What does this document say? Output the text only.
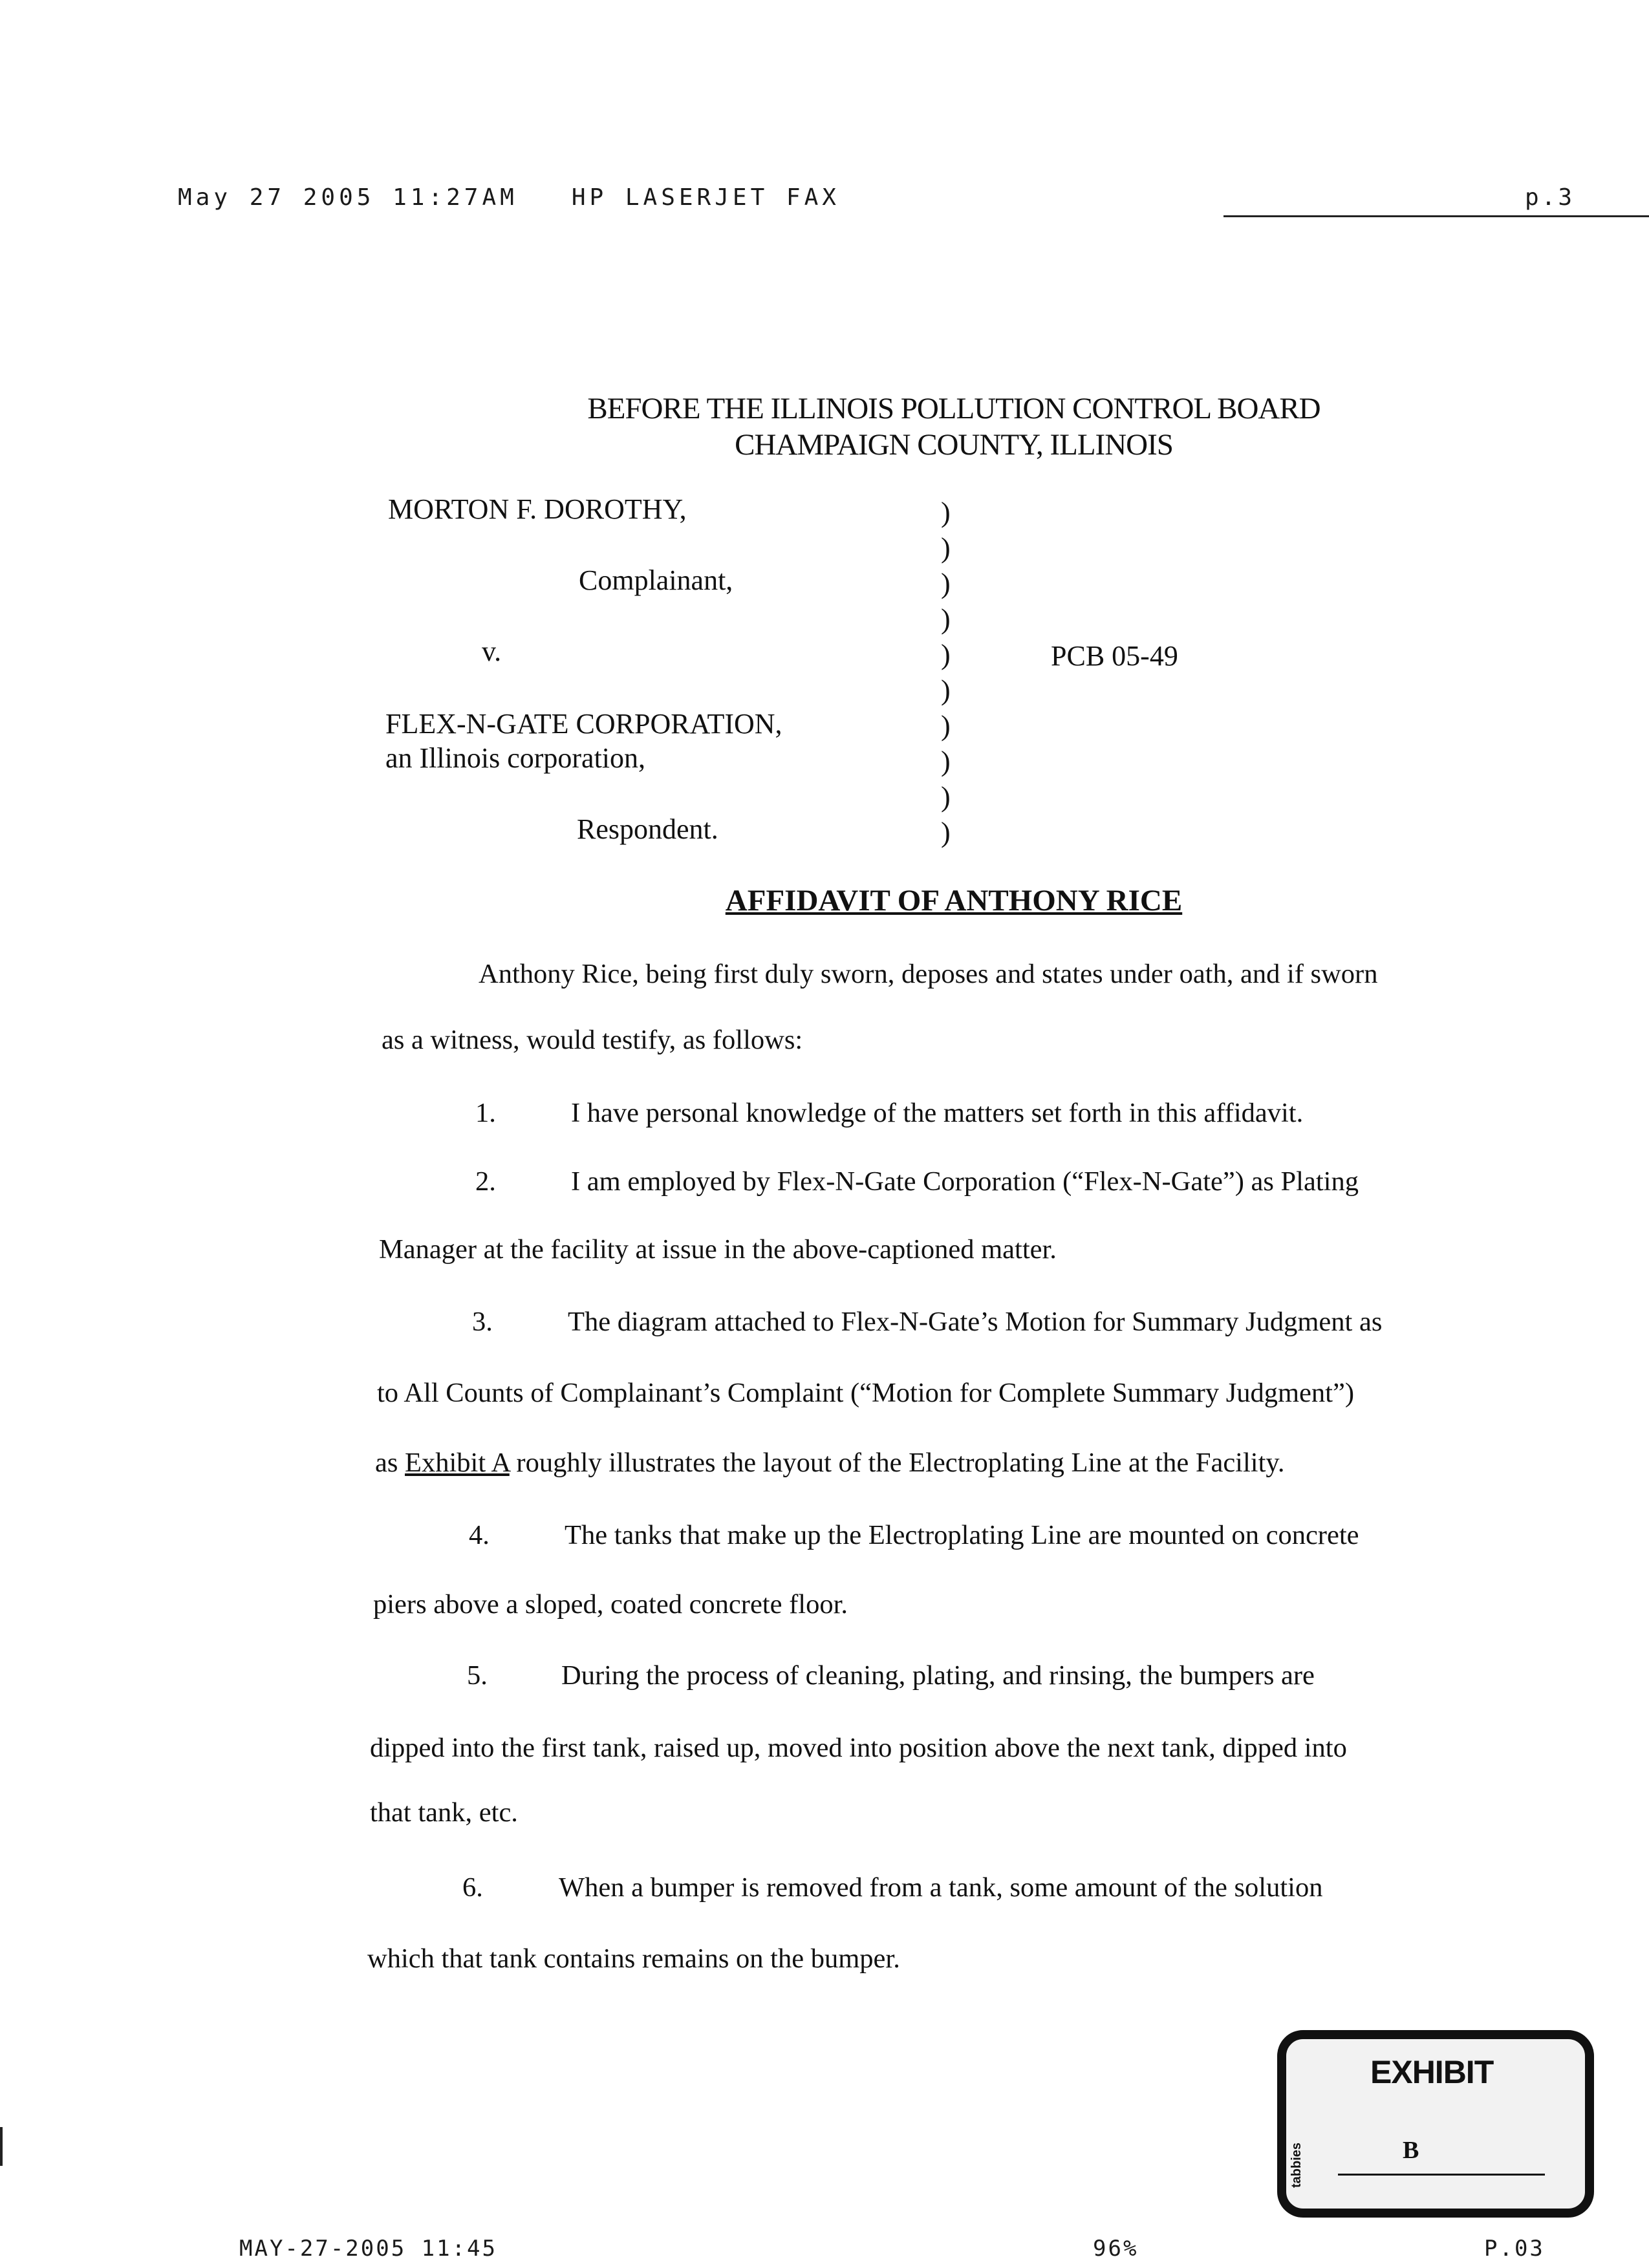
May 27 2005 11:27AM   HP LASERJET FAX	p.3
BEFORE THE ILLINOIS POLLUTION CONTROL BOARD
CHAMPAIGN COUNTY, ILLINOIS
MORTON F. DOROTHY,
Complainant,
v.
FLEX-N-GATE CORPORATION,
an Illinois corporation,
Respondent.
PCB 05-49
)
)
)
)
)
)
)
)
)
)
AFFIDAVIT OF ANTHONY RICE
Anthony Rice, being first duly sworn, deposes and states under oath, and if sworn
as a witness, would testify, as follows:
1.	I have personal knowledge of the matters set forth in this affidavit.
2.	I am employed by Flex-N-Gate Corporation (“Flex-N-Gate”) as Plating
Manager at the facility at issue in the above-captioned matter.
3.	The diagram attached to Flex-N-Gate’s Motion for Summary Judgment as
to All Counts of Complainant’s Complaint (“Motion for Complete Summary Judgment”)
as Exhibit A roughly illustrates the layout of the Electroplating Line at the Facility.
4.	The tanks that make up the Electroplating Line are mounted on concrete
piers above a sloped, coated concrete floor.
5.	During the process of cleaning, plating, and rinsing, the bumpers are
dipped into the first tank, raised up, moved into position above the next tank, dipped into
that tank, etc.
6.	When a bumper is removed from a tank, some amount of the solution
which that tank contains remains on the bumper.
tabbies
EXHIBIT
B
MAY-27-2005 11:45	96%	P.03
